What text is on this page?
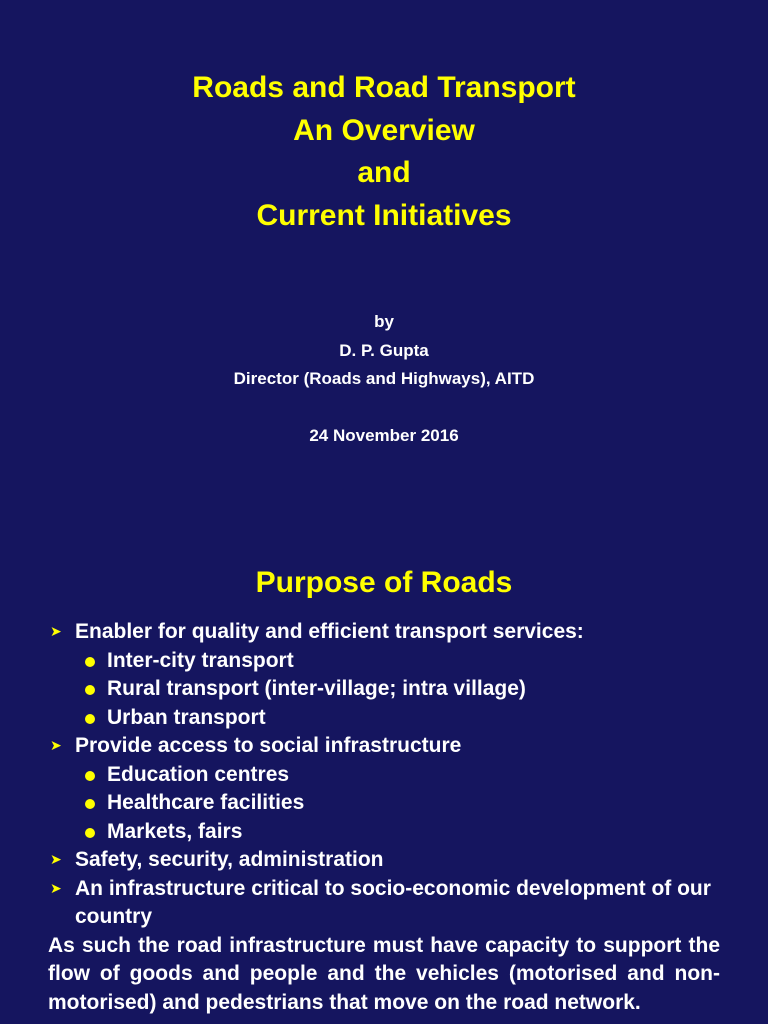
Roads and Road Transport
An Overview
and
Current Initiatives
by
D. P. Gupta
Director (Roads and Highways), AITD
24 November 2016
Purpose of Roads
➤ Enabler for quality and efficient transport services:
Inter-city transport
Rural transport (inter-village; intra village)
Urban transport
➤ Provide access to social infrastructure
Education centres
Healthcare facilities
Markets, fairs
➤ Safety, security, administration
➤ An infrastructure critical to socio-economic development of our country
As such the road infrastructure must have capacity to support the flow of goods and people and the vehicles (motorised and non-motorised) and pedestrians that move on the road network.
